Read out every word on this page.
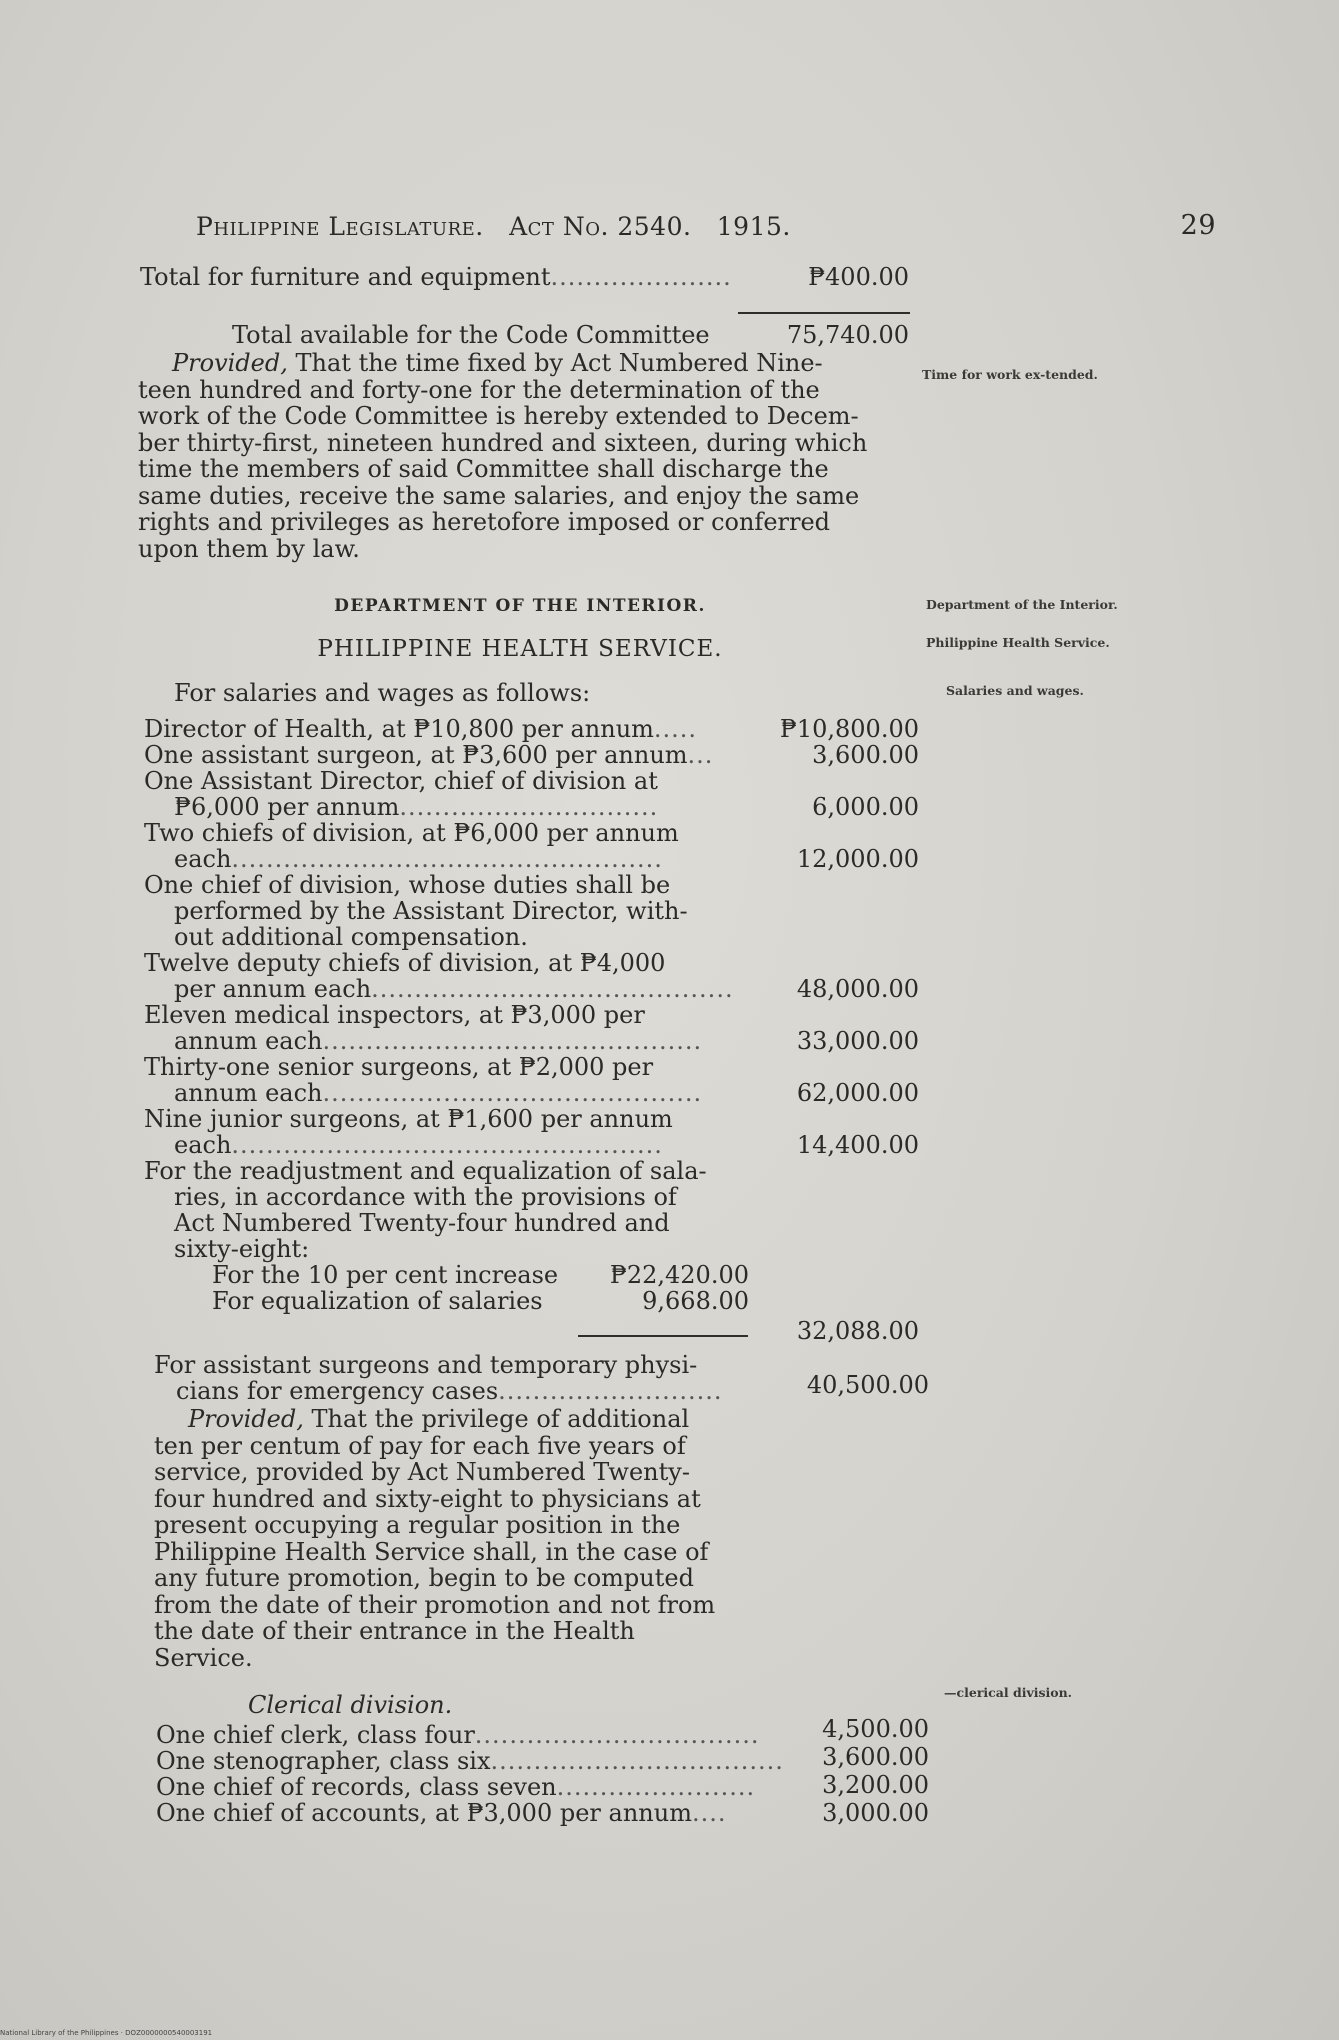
Philippine Legislature. Act No. 2540. 1915.	29
Total for furniture and equipment.....................	₱400.00
Total available for the Code Committee	75,740.00
Provided, That the time fixed by Act Numbered Nine-
teen hundred and forty-one for the determination of the
work of the Code Committee is hereby extended to Decem-
ber thirty-first, nineteen hundred and sixteen, during which
time the members of said Committee shall discharge the
same duties, receive the same salaries, and enjoy the same
rights and privileges as heretofore imposed or conferred
upon them by law.
Time for work ex-tended.
DEPARTMENT OF THE INTERIOR.
PHILIPPINE HEALTH SERVICE.
Department of the Interior.
Philippine Health Service.
Salaries and wages.
For salaries and wages as follows:
Director of Health, at ₱10,800 per annum.....	₱10,800.00
One assistant surgeon, at ₱3,600 per annum...	3,600.00
One Assistant Director, chief of division at
₱6,000 per annum..............................	6,000.00
Two chiefs of division, at ₱6,000 per annum
each..................................................	12,000.00
One chief of division, whose duties shall be
performed by the Assistant Director, with-
out additional compensation.
Twelve deputy chiefs of division, at ₱4,000
per annum each..........................................	48,000.00
Eleven medical inspectors, at ₱3,000 per
annum each............................................	33,000.00
Thirty-one senior surgeons, at ₱2,000 per
annum each............................................	62,000.00
Nine junior surgeons, at ₱1,600 per annum
each..................................................	14,400.00
For the readjustment and equalization of sala-
ries, in accordance with the provisions of
Act Numbered Twenty-four hundred and
sixty-eight:
For the 10 per cent increase ₱22,420.00
For equalization of salaries	9,668.00
32,088.00
For assistant surgeons and temporary physi-
cians for emergency cases..........................	40,500.00
Provided, That the privilege of additional
ten per centum of pay for each five years of
service, provided by Act Numbered Twenty-
four hundred and sixty-eight to physicians at
present occupying a regular position in the
Philippine Health Service shall, in the case of
any future promotion, begin to be computed
from the date of their promotion and not from
the date of their entrance in the Health
Service.
Clerical division.	—clerical division.
One chief clerk, class four.................................	4,500.00
One stenographer, class six.................................. 3,600.00
One chief of records, class seven.......................	3,200.00
One chief of accounts, at ₱3,000 per annum....	3,000.00
National Library of the Philippines · DOZ0000000540003191
